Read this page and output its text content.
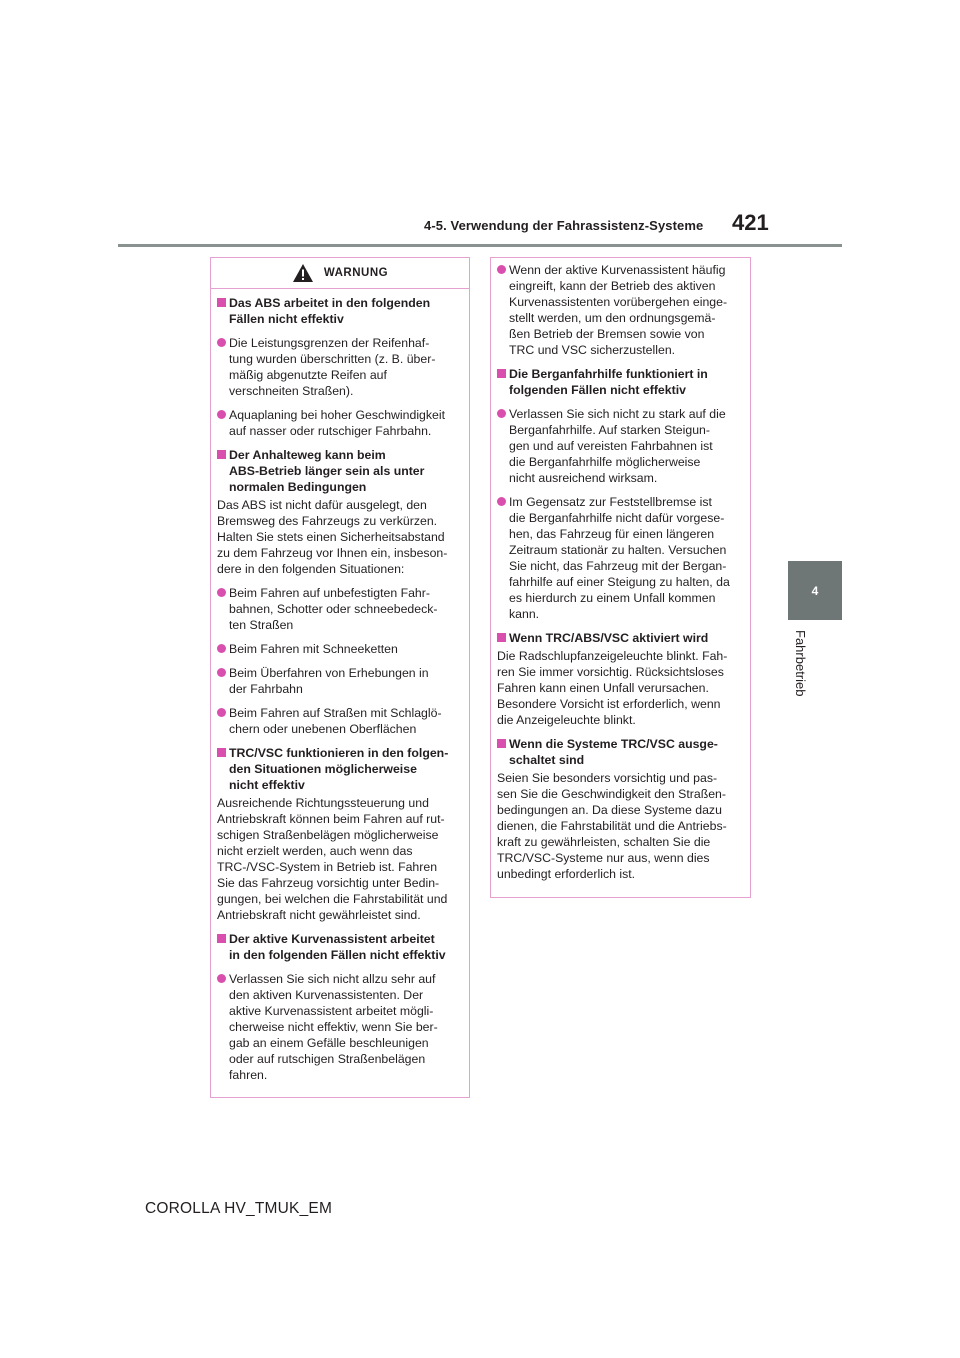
4-5. Verwendung der Fahrassistenz-Systeme 421
4
Fahrbetrieb
WARNUNG
Das ABS arbeitet in den folgenden
Fällen nicht effektiv
Die Leistungsgrenzen der Reifenhaf-
tung wurden überschritten (z. B. über-
mäßig abgenutzte Reifen auf
verschneiten Straßen).
Aquaplaning bei hoher Geschwindigkeit
auf nasser oder rutschiger Fahrbahn.
Der Anhalteweg kann beim
ABS-Betrieb länger sein als unter
normalen Bedingungen
Das ABS ist nicht dafür ausgelegt, den
Bremsweg des Fahrzeugs zu verkürzen.
Halten Sie stets einen Sicherheitsabstand
zu dem Fahrzeug vor Ihnen ein, insbeson-
dere in den folgenden Situationen:
Beim Fahren auf unbefestigten Fahr-
bahnen, Schotter oder schneebedeck-
ten Straßen
Beim Fahren mit Schneeketten
Beim Überfahren von Erhebungen in
der Fahrbahn
Beim Fahren auf Straßen mit Schlaglö-
chern oder unebenen Oberflächen
TRC/VSC funktionieren in den folgen-
den Situationen möglicherweise
nicht effektiv
Ausreichende Richtungssteuerung und
Antriebskraft können beim Fahren auf rut-
schigen Straßenbelägen möglicherweise
nicht erzielt werden, auch wenn das
TRC-/VSC-System in Betrieb ist. Fahren
Sie das Fahrzeug vorsichtig unter Bedin-
gungen, bei welchen die Fahrstabilität und
Antriebskraft nicht gewährleistet sind.
Der aktive Kurvenassistent arbeitet
in den folgenden Fällen nicht effektiv
Verlassen Sie sich nicht allzu sehr auf
den aktiven Kurvenassistenten. Der
aktive Kurvenassistent arbeitet mögli-
cherweise nicht effektiv, wenn Sie ber-
gab an einem Gefälle beschleunigen
oder auf rutschigen Straßenbelägen
fahren.
Wenn der aktive Kurvenassistent häufig
eingreift, kann der Betrieb des aktiven
Kurvenassistenten vorübergehen einge-
stellt werden, um den ordnungsgemä-
ßen Betrieb der Bremsen sowie von
TRC und VSC sicherzustellen.
Die Berganfahrhilfe funktioniert in
folgenden Fällen nicht effektiv
Verlassen Sie sich nicht zu stark auf die
Berganfahrhilfe. Auf starken Steigun-
gen und auf vereisten Fahrbahnen ist
die Berganfahrhilfe möglicherweise
nicht ausreichend wirksam.
Im Gegensatz zur Feststellbremse ist
die Berganfahrhilfe nicht dafür vorgese-
hen, das Fahrzeug für einen längeren
Zeitraum stationär zu halten. Versuchen
Sie nicht, das Fahrzeug mit der Bergan-
fahrhilfe auf einer Steigung zu halten, da
es hierdurch zu einem Unfall kommen
kann.
Wenn TRC/ABS/VSC aktiviert wird
Die Radschlupfanzeigeleuchte blinkt. Fah-
ren Sie immer vorsichtig. Rücksichtsloses
Fahren kann einen Unfall verursachen.
Besondere Vorsicht ist erforderlich, wenn
die Anzeigeleuchte blinkt.
Wenn die Systeme TRC/VSC ausge-
schaltet sind
Seien Sie besonders vorsichtig und pas-
sen Sie die Geschwindigkeit den Straßen-
bedingungen an. Da diese Systeme dazu
dienen, die Fahrstabilität und die Antriebs-
kraft zu gewährleisten, schalten Sie die
TRC/VSC-Systeme nur aus, wenn dies
unbedingt erforderlich ist.
COROLLA HV_TMUK_EM
